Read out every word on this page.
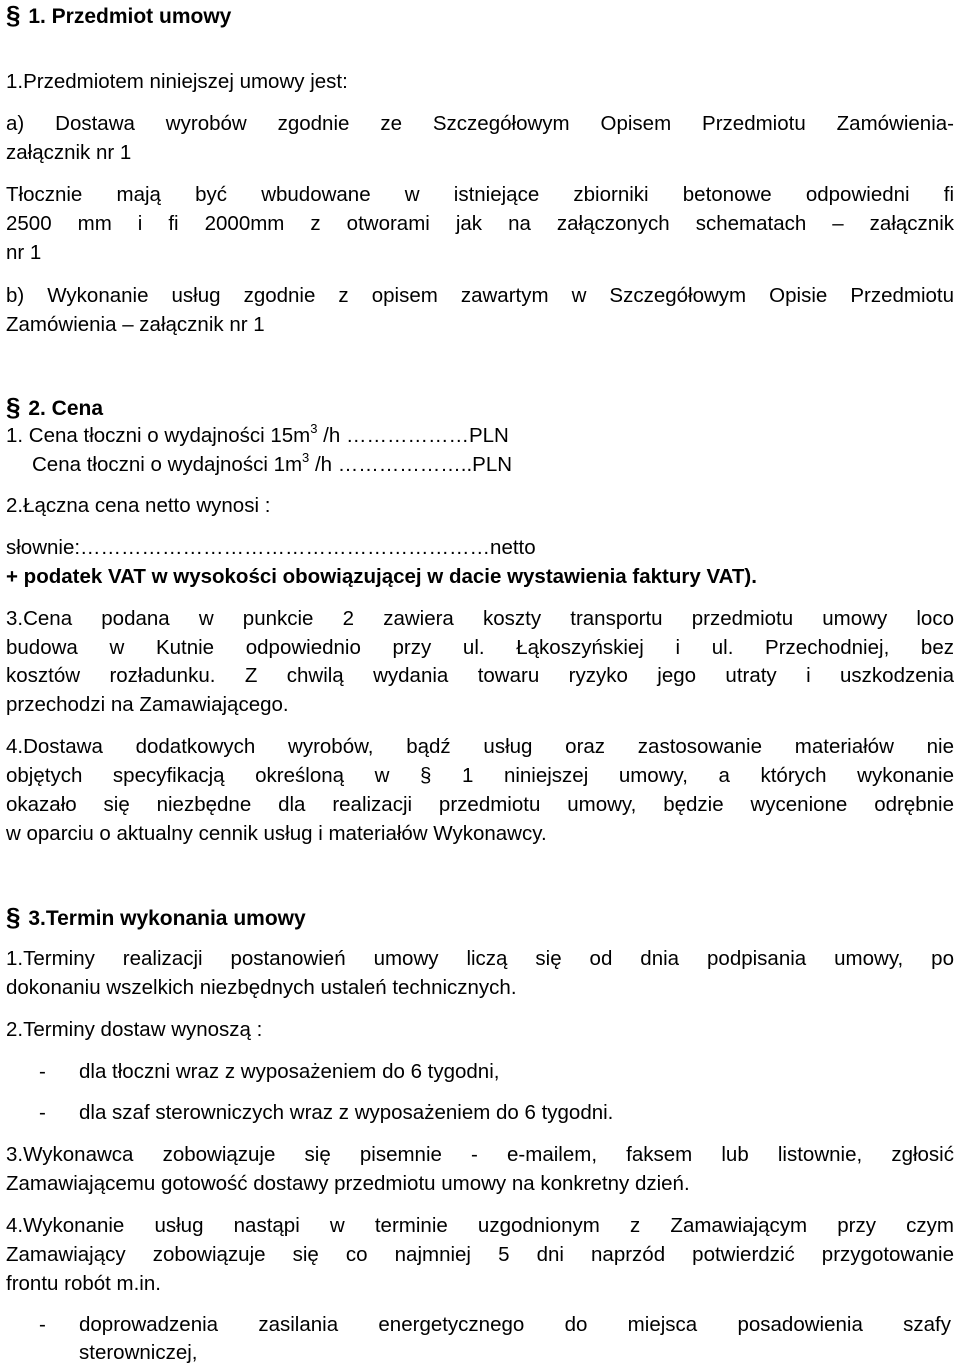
§ 1. Przedmiot umowy
1.Przedmiotem niniejszej umowy jest:
a) Dostawa wyrobów zgodnie ze Szczegółowym Opisem Przedmiotu Zamówienia-
załącznik nr 1
Tłocznie mają być wbudowane w istniejące zbiorniki betonowe odpowiedni fi
2500 mm i fi 2000mm z otworami jak na załączonych schematach – załącznik
nr 1
b) Wykonanie usług zgodnie z opisem zawartym w Szczegółowym Opisie Przedmiotu
Zamówienia – załącznik nr 1
§ 2. Cena
1. Cena tłoczni o wydajności $15m^3$ /h ………………PLN
Cena tłoczni o wydajności $1m^3$ /h ………………..PLN
2.Łączna cena netto wynosi :
słownie:……………………………………………………netto
+ podatek VAT w wysokości obowiązującej w dacie wystawienia faktury VAT).
3.Cena podana w punkcie 2 zawiera koszty transportu przedmiotu umowy loco
budowa w Kutnie odpowiednio przy ul. Łąkoszyńskiej i ul. Przechodniej, bez
kosztów rozładunku. Z chwilą wydania towaru ryzyko jego utraty i uszkodzenia
przechodzi na Zamawiającego.
4.Dostawa dodatkowych wyrobów, bądź usług oraz zastosowanie materiałów nie
objętych specyfikacją określoną w § 1 niniejszej umowy, a których wykonanie
okazało się niezbędne dla realizacji przedmiotu umowy, będzie wycenione odrębnie
w oparciu o aktualny cennik usług i materiałów Wykonawcy.
§ 3.Termin wykonania umowy
1.Terminy realizacji postanowień umowy liczą się od dnia podpisania umowy, po
dokonaniu wszelkich niezbędnych ustaleń technicznych.
2.Terminy dostaw wynoszą :
- dla tłoczni wraz z wyposażeniem do 6 tygodni,
- dla szaf sterowniczych wraz z wyposażeniem do 6 tygodni.
3.Wykonawca zobowiązuje się pisemnie - e-mailem, faksem lub listownie, zgłosić
Zamawiającemu gotowość dostawy przedmiotu umowy na konkretny dzień.
4.Wykonanie usług nastąpi w terminie uzgodnionym z Zamawiającym przy czym
Zamawiający zobowiązuje się co najmniej 5 dni naprzód potwierdzić przygotowanie
frontu robót m.in.
- doprowadzenia zasilania energetycznego do miejsca posadowienia szafy
sterowniczej,
